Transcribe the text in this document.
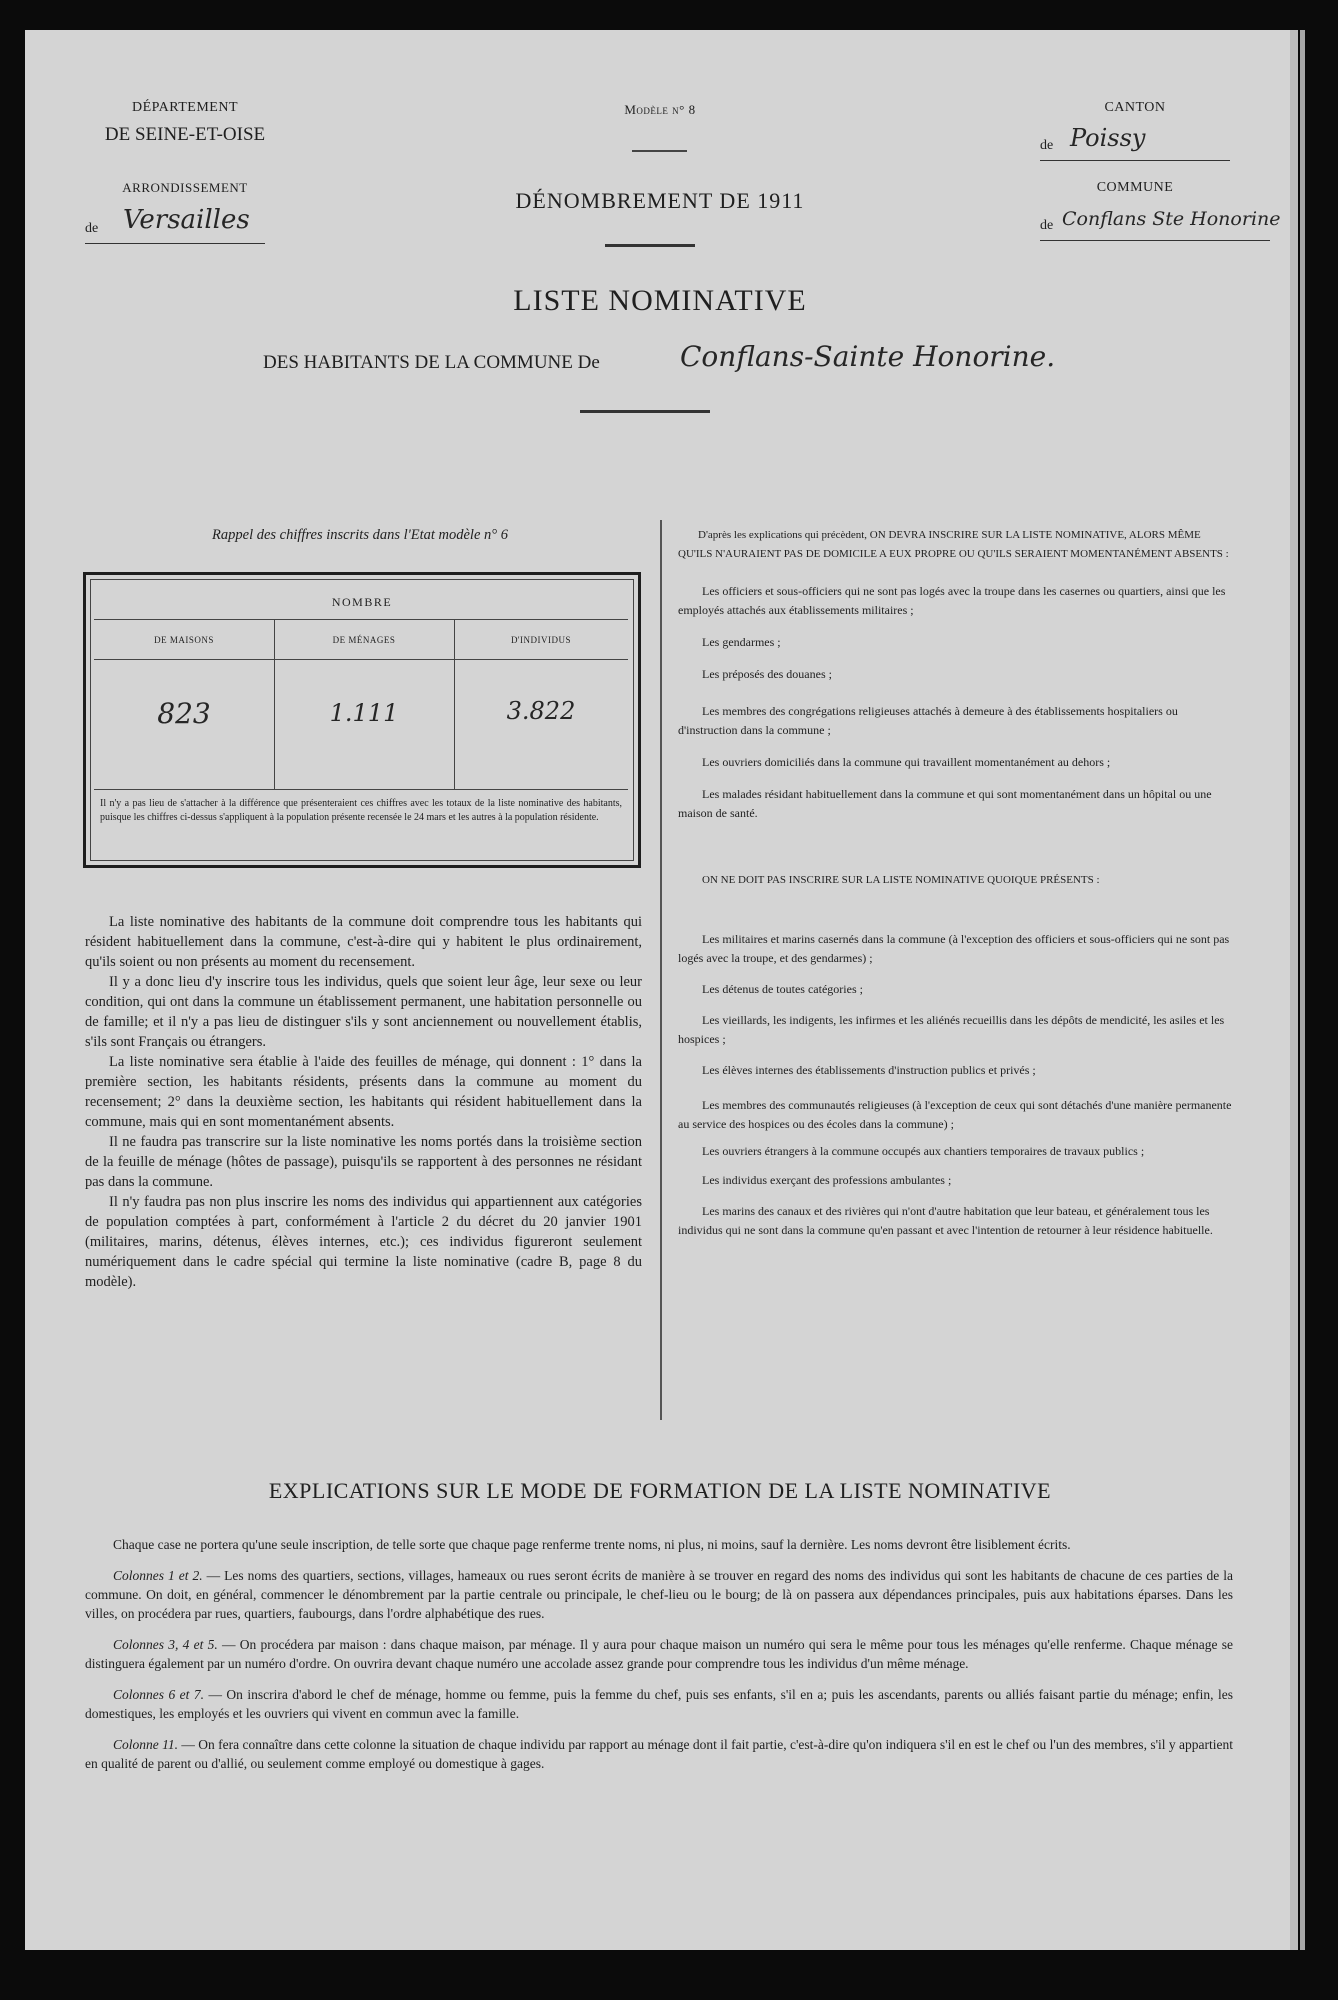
DÉPARTEMENT
DE SEINE-ET-OISE
ARRONDISSEMENT
de Versailles
Modèle n° 8
DÉNOMBREMENT DE 1911
CANTON
de Poissy
COMMUNE
de Conflans Ste Honorine
LISTE NOMINATIVE
DES HABITANTS DE LA COMMUNE De	Conflans-Sainte Honorine.
Rappel des chiffres inscrits dans l'Etat modèle n° 6
NOMBRE
DE MAISONS	DE MÉNAGES	D'INDIVIDUS
823	1.111	3.822
Il n'y a pas lieu de s'attacher à la différence que présenteraient ces chiffres avec les totaux de la liste nominative des habitants, puisque les chiffres ci-dessus s'appliquent à la population présente recensée le 24 mars et les autres à la population résidente.

La liste nominative des habitants de la commune doit comprendre tous les habitants qui résident habituellement dans la commune, c'est-à-dire qui y habitent le plus ordinairement, qu'ils soient ou non présents au moment du recensement.

Il y a donc lieu d'y inscrire tous les individus, quels que soient leur âge, leur sexe ou leur condition, qui ont dans la commune un établissement permanent, une habitation personnelle ou de famille; et il n'y a pas lieu de distinguer s'ils y sont anciennement ou nouvellement établis, s'ils sont Français ou étrangers.

La liste nominative sera établie à l'aide des feuilles de ménage, qui donnent : 1° dans la première section, les habitants résidents, présents dans la commune au moment du recensement; 2° dans la deuxième section, les habitants qui résident habituellement dans la commune, mais qui en sont momentanément absents.

Il ne faudra pas transcrire sur la liste nominative les noms portés dans la troisième section de la feuille de ménage (hôtes de passage), puisqu'ils se rapportent à des personnes ne résidant pas dans la commune.

Il n'y faudra pas non plus inscrire les noms des individus qui appartiennent aux catégories de population comptées à part, conformément à l'article 2 du décret du 20 janvier 1901 (militaires, marins, détenus, élèves internes, etc.); ces individus figureront seulement numériquement dans le cadre spécial qui termine la liste nominative (cadre B, page 8 du modèle).

D'après les explications qui précèdent, ON DEVRA INSCRIRE SUR LA LISTE NOMINATIVE, ALORS MÊME QU'ILS N'AURAIENT PAS DE DOMICILE A EUX PROPRE OU QU'ILS SERAIENT MOMENTANÉMENT ABSENTS :

Les officiers et sous-officiers qui ne sont pas logés avec la troupe dans les casernes ou quartiers, ainsi que les employés attachés aux établissements militaires ;

Les gendarmes ;

Les préposés des douanes ;

Les membres des congrégations religieuses attachés à demeure à des établissements hospitaliers ou d'instruction dans la commune ;

Les ouvriers domiciliés dans la commune qui travaillent momentanément au dehors ;

Les malades résidant habituellement dans la commune et qui sont momentanément dans un hôpital ou une maison de santé.

ON NE DOIT PAS INSCRIRE SUR LA LISTE NOMINATIVE QUOIQUE PRÉSENTS :

Les militaires et marins casernés dans la commune (à l'exception des officiers et sous-officiers qui ne sont pas logés avec la troupe, et des gendarmes) ;

Les détenus de toutes catégories ;

Les vieillards, les indigents, les infirmes et les aliénés recueillis dans les dépôts de mendicité, les asiles et les hospices ;

Les élèves internes des établissements d'instruction publics et privés ;

Les membres des communautés religieuses (à l'exception de ceux qui sont détachés d'une manière permanente au service des hospices ou des écoles dans la commune) ;

Les ouvriers étrangers à la commune occupés aux chantiers temporaires de travaux publics ;

Les individus exerçant des professions ambulantes ;

Les marins des canaux et des rivières qui n'ont d'autre habitation que leur bateau, et généralement tous les individus qui ne sont dans la commune qu'en passant et avec l'intention de retourner à leur résidence habituelle.

EXPLICATIONS SUR LE MODE DE FORMATION DE LA LISTE NOMINATIVE

Chaque case ne portera qu'une seule inscription, de telle sorte que chaque page renferme trente noms, ni plus, ni moins, sauf la dernière. Les noms devront être lisiblement écrits.

Colonnes 1 et 2. — Les noms des quartiers, sections, villages, hameaux ou rues seront écrits de manière à se trouver en regard des noms des individus qui sont les habitants de chacune de ces parties de la commune. On doit, en général, commencer le dénombrement par la partie centrale ou principale, le chef-lieu ou le bourg; de là on passera aux dépendances principales, puis aux habitations éparses. Dans les villes, on procédera par rues, quartiers, faubourgs, dans l'ordre alphabétique des rues.

Colonnes 3, 4 et 5. — On procédera par maison : dans chaque maison, par ménage. Il y aura pour chaque maison un numéro qui sera le même pour tous les ménages qu'elle renferme. Chaque ménage se distinguera également par un numéro d'ordre. On ouvrira devant chaque numéro une accolade assez grande pour comprendre tous les individus d'un même ménage.

Colonnes 6 et 7. — On inscrira d'abord le chef de ménage, homme ou femme, puis la femme du chef, puis ses enfants, s'il en a; puis les ascendants, parents ou alliés faisant partie du ménage; enfin, les domestiques, les employés et les ouvriers qui vivent en commun avec la famille.

Colonne 11. — On fera connaître dans cette colonne la situation de chaque individu par rapport au ménage dont il fait partie, c'est-à-dire qu'on indiquera s'il en est le chef ou l'un des membres, s'il y appartient en qualité de parent ou d'allié, ou seulement comme employé ou domestique à gages.
